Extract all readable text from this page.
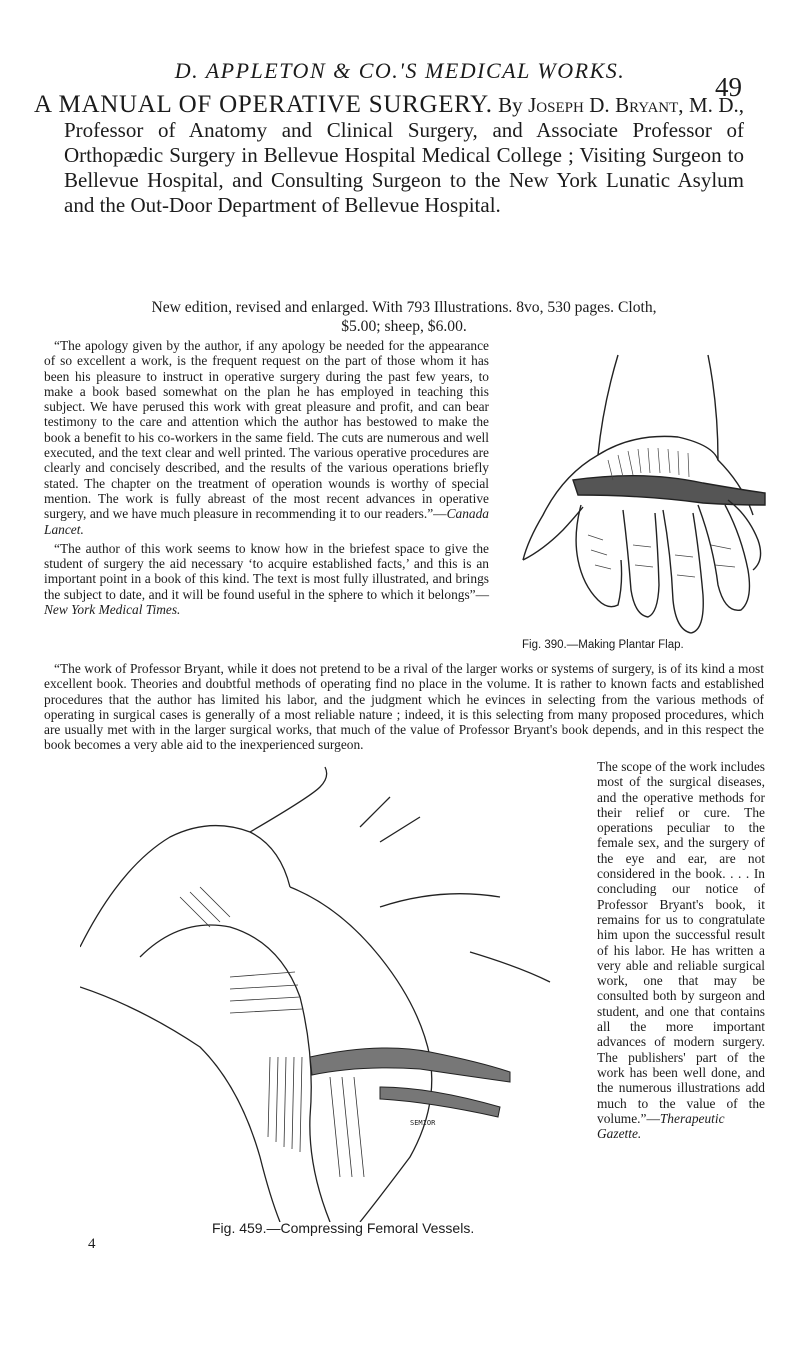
D. APPLETON & CO.'S MEDICAL WORKS.
49
A MANUAL OF OPERATIVE SURGERY. By Joseph D. Bryant, M. D., Professor of Anatomy and Clinical Surgery, and Associate Professor of Orthopædic Surgery in Bellevue Hospital Medical College ; Visiting Surgeon to Bellevue Hospital, and Consulting Surgeon to the New York Lunatic Asylum and the Out-Door Department of Bellevue Hospital.
New edition, revised and enlarged. With 793 Illustrations. 8vo, 530 pages. Cloth,
$5.00; sheep, $6.00.

“The apology given by the author, if any apology be needed for the appearance of so excellent a work, is the frequent request on the part of those whom it has been his pleasure to instruct in operative surgery during the past few years, to make a book based somewhat on the plan he has employed in teaching this subject. We have perused this work with great pleasure and profit, and can bear testimony to the care and attention which the author has bestowed to make the book a benefit to his co-workers in the same field. The cuts are numerous and well executed, and the text clear and well printed. The various operative procedures are clearly and concisely described, and the results of the various operations briefly stated. The chapter on the treatment of operation wounds is worthy of special mention. The work is fully abreast of the most recent advances in operative surgery, and we have much pleasure in recommending it to our readers.”—Canada Lancet.

“The author of this work seems to know how in the briefest space to give the student of surgery the aid necessary ‘to acquire established facts,’ and this is an important point in a book of this kind. The text is most fully illustrated, and brings the subject to date, and it will be found useful in the sphere to which it belongs”—New York Medical Times.

Fig. 390.—Making Plantar Flap.
“The work of Professor Bryant, while it does not pretend to be a rival of the larger works or systems of surgery, is of its kind a most excellent book. Theories and doubtful methods of operating find no place in the volume. It is rather to known facts and established procedures that the author has limited his labor, and the judgment which he evinces in selecting from the various methods of operating in surgical cases is generally of a most reliable nature ; indeed, it is this selecting from many proposed procedures, which are usually met with in the larger surgical works, that much of the value of Professor Bryant's book depends, and in this respect the book becomes a very able aid to the inexperienced surgeon.
The scope of the work includes most of the surgical diseases, and the operative methods for their relief or cure. The operations peculiar to the female sex, and the surgery of the eye and ear, are not considered in the book. . . . In concluding our notice of Professor Bryant's book, it remains for us to congratulate him upon the successful result of his labor. He has written a very able and reliable surgical work, one that may be consulted both by surgeon and student, and one that contains all the more important advances of modern surgery. The publishers' part of the work has been well done, and the numerous illustrations add much to the value of the volume.”—Therapeutic Gazette.
SEMIOR
Fig. 459.—Compressing Femoral Vessels.
4
